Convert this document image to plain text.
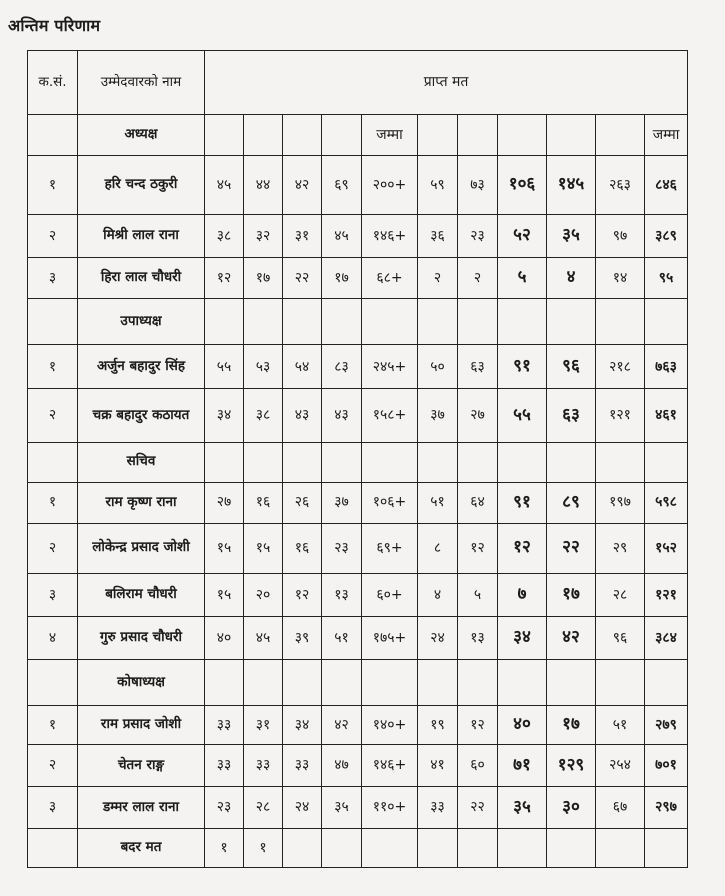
अन्तिम परिणाम
क.सं.	उम्मेदवारको नाम	प्राप्त मत										
	अध्यक्ष					जम्मा						जम्मा
१	हरि चन्द ठकुरी	४५	४४	४२	६९	२००+	५९	७३	१०६	१४५	२६३	८४६
२	मिश्री लाल राना	३८	३२	३१	४५	१४६+	३६	२३	५२	३५	९७	३८९
३	हिरा लाल चौधरी	१२	१७	२२	१७	६८+	२	२	५	४	१४	९५
	उपाध्यक्ष											
१	अर्जुन बहादुर सिंह	५५	५३	५४	८३	२४५+	५०	६३	९१	९६	२१८	७६३
२	चक्र बहादुर कठायत	३४	३८	४३	४३	१५८+	३७	२७	५५	६३	१२१	४६१
	सचिव											
१	राम कृष्ण राना	२७	१६	२६	३७	१०६+	५१	६४	९१	८९	१९७	५९८
२	लोकेन्द्र प्रसाद जोशी	१५	१५	१६	२३	६९+	८	१२	१२	२२	२९	१५२
३	बलिराम चौधरी	१५	२०	१२	१३	६०+	४	५	७	१७	२८	१२१
४	गुरु प्रसाद चौधरी	४०	४५	३९	५१	१७५+	२४	१३	३४	४२	९६	३८४
	कोषाध्यक्ष											
१	राम प्रसाद जोशी	३३	३१	३४	४२	१४०+	१९	१२	४०	१७	५१	२७९
२	चेतन राङ्ग	३३	३३	३३	४७	१४६+	४१	६०	७१	१२९	२५४	७०१
३	डम्मर लाल राना	२३	२८	२४	३५	११०+	३३	२२	३५	३०	६७	२९७
	बदर मत	१	१									
